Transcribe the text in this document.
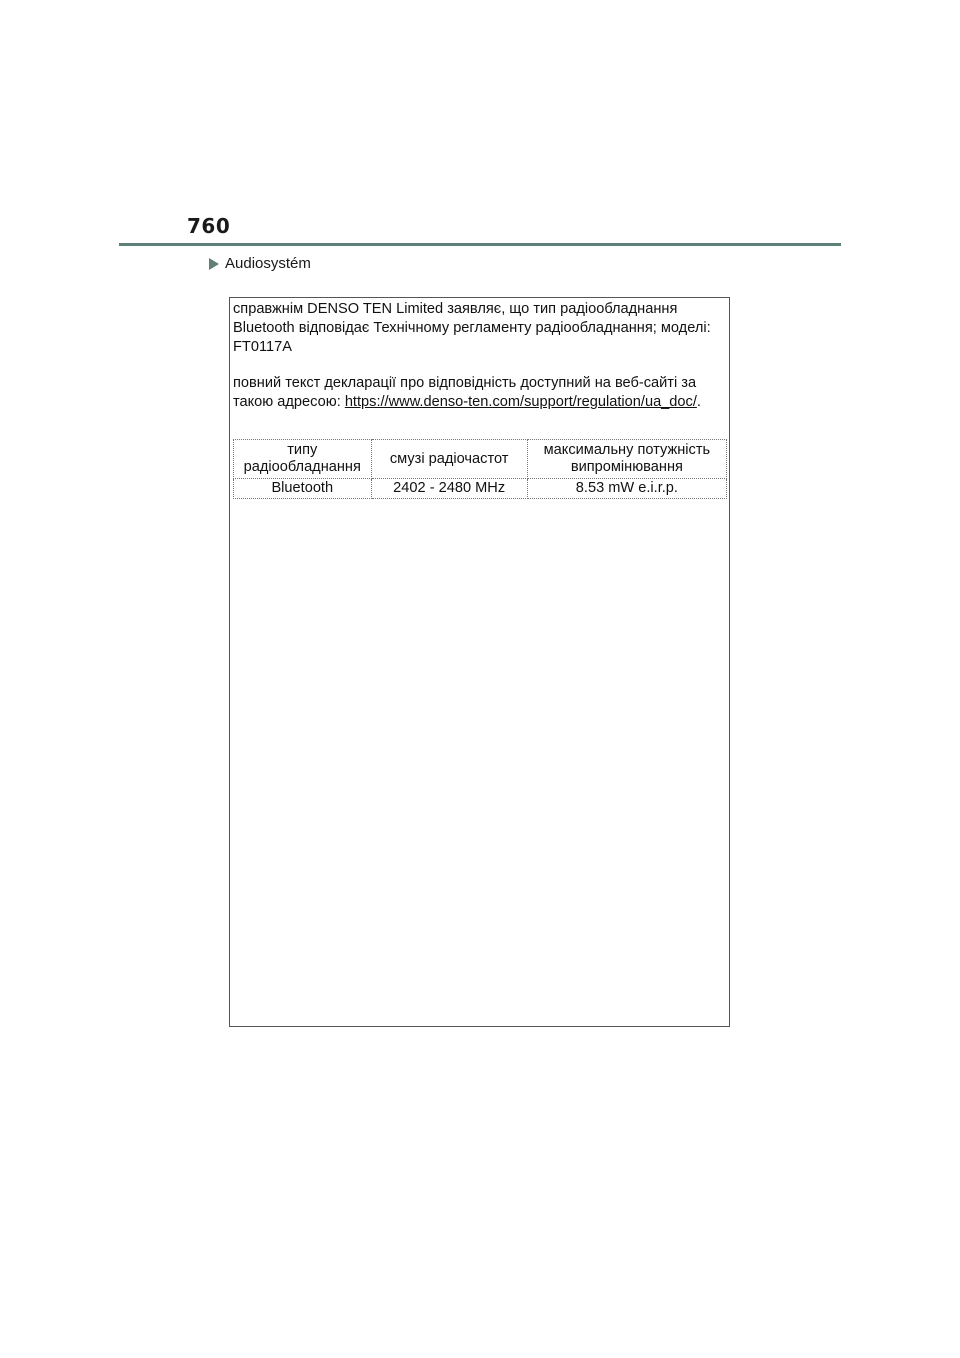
760
Audiosystém
справжнім DENSO TEN Limited заявляє, що тип радіообладнання Bluetooth відповідає Технічному регламенту радіообладнання; моделі: FT0117A
повний текст декларації про відповідність доступний на веб-сайті за такою адресою: https://www.denso-ten.com/support/regulation/ua_doc/.
типу радіообладнання	смузі радіочастот	максимальну потужність випромінювання
Bluetooth	2402 - 2480 MHz	8.53 mW e.i.r.p.
